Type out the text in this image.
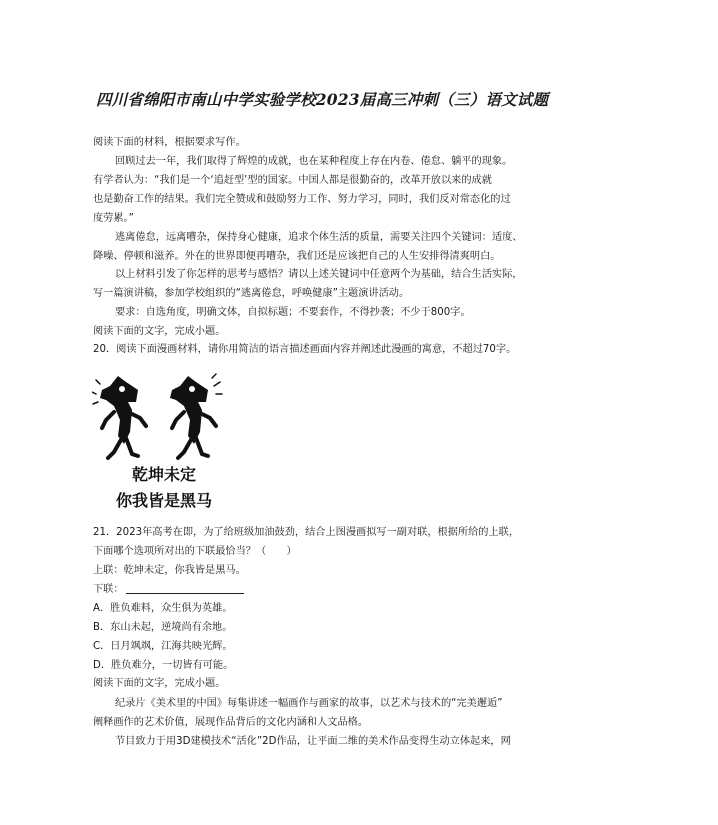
四川省绵阳市南山中学实验学校2023届高三冲刺（三）语文试题
阅读下面的材料，根据要求写作。
回顾过去一年，我们取得了辉煌的成就，也在某种程度上存在内卷、倦怠、躺平的现象。
有学者认为：“我们是一个‘追赶型’型的国家。中国人都是很勤奋的，改革开放以来的成就
也是勤奋工作的结果。我们完全赞成和鼓励努力工作、努力学习，同时，我们反对常态化的过
度劳累。”
逃离倦怠，远离嘈杂，保持身心健康，追求个体生活的质量，需要关注四个关键词：适度、
降噪、停顿和滋养。外在的世界即便再嘈杂，我们还是应该把自己的人生安排得清爽明白。
以上材料引发了你怎样的思考与感悟？请以上述关键词中任意两个为基础，结合生活实际，
写一篇演讲稿，参加学校组织的“逃离倦怠，呼唤健康”主题演讲活动。
要求：自选角度，明确文体，自拟标题；不要套作，不得抄袭；不少于800字。
阅读下面的文字，完成小题。
20．阅读下面漫画材料，请你用简洁的语言描述画面内容并阐述此漫画的寓意，不超过70字。
乾坤未定
你我皆是黑马
21．2023年高考在即，为了给班级加油鼓劲，结合上图漫画拟写一副对联，根据所给的上联，
下面哪个选项所对出的下联最恰当？（　　）
上联：乾坤未定，你我皆是黑马。
下联：
A．胜负难料，众生俱为英雄。
B．东山未起，逆境尚有余地。
C．日月飒飒，江海共映光辉。
D．胜负难分，一切皆有可能。
阅读下面的文字，完成小题。
纪录片《美术里的中国》每集讲述一幅画作与画家的故事，以艺术与技术的“完美邂逅”
阐释画作的艺术价值，展现作品背后的文化内涵和人文品格。
节目致力于用3D建模技术“活化”2D作品，让平面二维的美术作品变得生动立体起来，网
